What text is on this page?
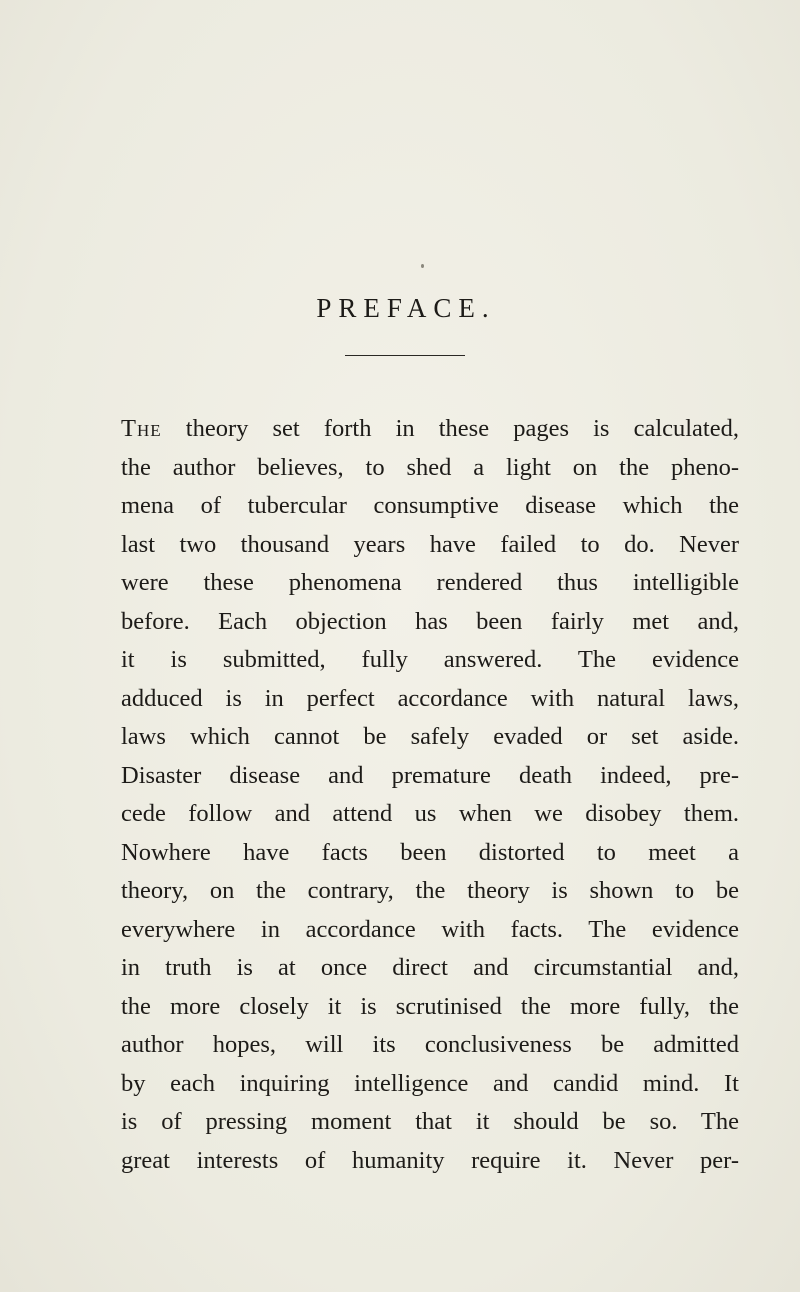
PREFACE.
The theory set forth in these pages is calculated,
the author believes, to shed a light on the pheno-
mena of tubercular consumptive disease which the
last two thousand years have failed to do. Never
were these phenomena rendered thus intelligible
before. Each objection has been fairly met and,
it is submitted, fully answered. The evidence
adduced is in perfect accordance with natural laws,
laws which cannot be safely evaded or set aside.
Disaster disease and premature death indeed, pre-
cede follow and attend us when we disobey them.
Nowhere have facts been distorted to meet a
theory, on the contrary, the theory is shown to be
everywhere in accordance with facts. The evidence
in truth is at once direct and circumstantial and,
the more closely it is scrutinised the more fully, the
author hopes, will its conclusiveness be admitted
by each inquiring intelligence and candid mind. It
is of pressing moment that it should be so. The
great interests of humanity require it. Never per-
